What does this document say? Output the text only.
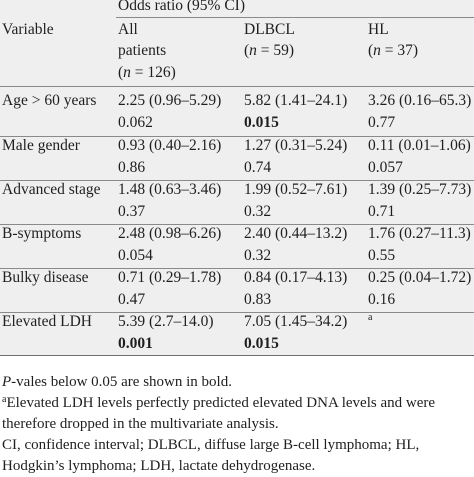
Odds ratio (95% CI)
Variable	All
patients
(n = 126)
DLBCL
(n = 59)
HL
(n = 37)
Age > 60 years 2.25 (0.96–5.29)
0.062
5.82 (1.41–24.1)
0.015
3.26 (0.16–65.3)
0.77
Male gender 0.93 (0.40–2.16)
0.86
1.27 (0.31–5.24)
0.74
0.11 (0.01–1.06)
0.057
Advanced stage 1.48 (0.63–3.46)
0.37
1.99 (0.52–7.61)
0.32
1.39 (0.25–7.73)
0.71
B-symptoms 2.48 (0.98–6.26)
0.054
2.40 (0.44–13.2)
0.32
1.76 (0.27–11.3)
0.55
Bulky disease 0.71 (0.29–1.78)
0.47
0.84 (0.17–4.13)
0.83
0.25 (0.04–1.72)
0.16
Elevated LDH 5.39 (2.7–14.0)
0.001
7.05 (1.45–34.2)
0.015
$^a$
P-vales below 0.05 are shown in bold.
$^a$Elevated LDH levels perfectly predicted elevated DNA levels and were
therefore dropped in the multivariate analysis.
CI, confidence interval; DLBCL, diffuse large B-cell lymphoma; HL,
Hodgkin’s lymphoma; LDH, lactate dehydrogenase.
